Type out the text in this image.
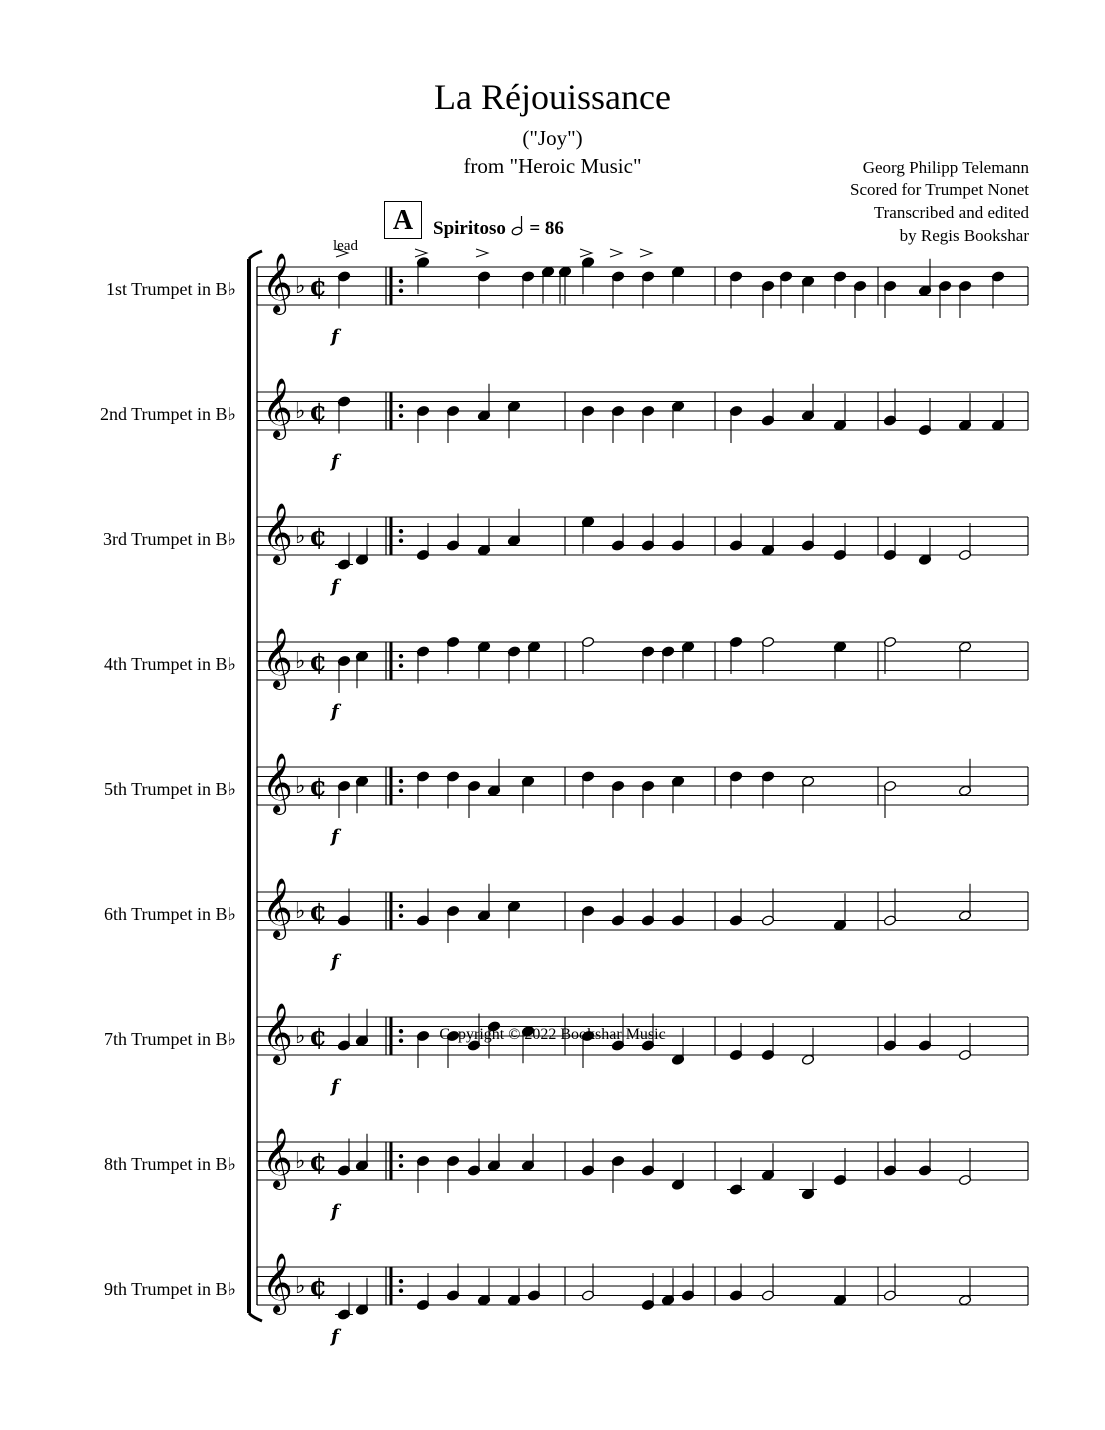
La Réjouissance
("Joy")
from "Heroic Music"	Georg Philipp Telemann
Scored for Trumpet Nonet
Transcribed and edited
by Regis Bookshar
A	Spiritoso = 86
lead
1st Trumpet in B♭
2nd Trumpet in B♭
3rd Trumpet in B♭
4th Trumpet in B♭
5th Trumpet in B♭
6th Trumpet in B♭
7th Trumpet in B♭
8th Trumpet in B♭
9th Trumpet in B♭
𝄞 ♭ ¢
f
𝄞 ♭ ¢
f
𝄞 ♭ ¢
f
𝄞 ♭ ¢
f
𝄞 ♭ ¢
f
𝄞 ♭ ¢
f
𝄞 ♭ ¢
f
𝄞 ♭ ¢
f
𝄞 ♭ ¢
f
Copyright © 2022 Bookshar Music
